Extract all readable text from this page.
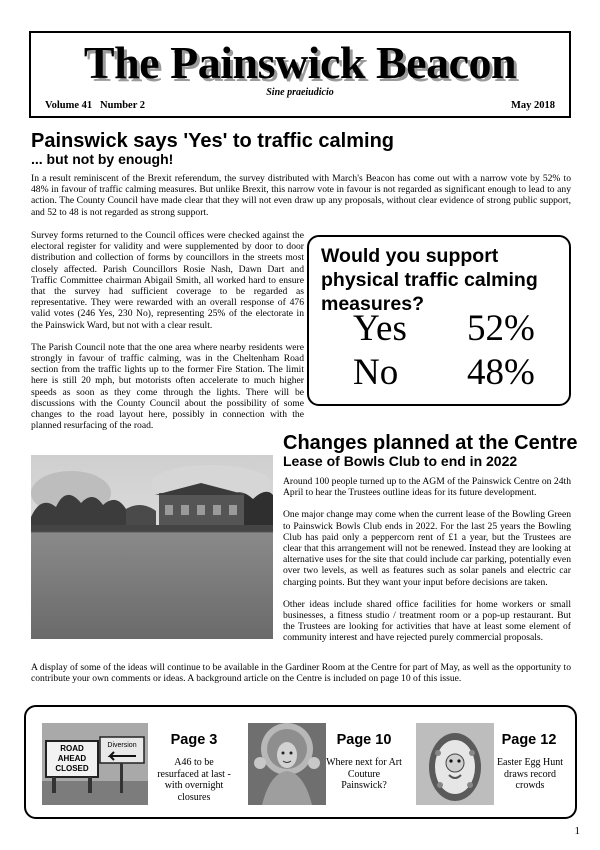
The Painswick Beacon
Sine praeiudicio
Volume 41   Number 2	May 2018
Painswick says 'Yes' to traffic calming
... but not by enough!
In a result reminiscent of the Brexit referendum, the survey distributed with March's Beacon has come out with a narrow vote by 52% to 48% in favour of traffic calming measures. But unlike Brexit, this narrow vote in favour is not regarded as significant enough to lead to any action. The County Council have made clear that they will not even draw up any proposals, without clear evidence of strong public support, and 52 to 48 is not regarded as strong support.

Survey forms returned to the Council offices were checked against the electoral register for validity and were supplemented by door to door distribution and collection of forms by councillors in the streets most closely affected. Parish Councillors Rosie Nash, Dawn Dart and Traffic Committee chairman Abigail Smith, all worked hard to ensure that the survey had sufficient coverage to be regarded as representative. They were rewarded with an overall response of 476 valid votes (246 Yes, 230 No), representing 25% of the electorate in the Painswick Ward, but not with a clear result.

The Parish Council note that the one area where nearby residents were strongly in favour of traffic calming, was in the Cheltenham Road section from the traffic lights up to the former Fire Station. The limit here is still 20 mph, but motorists often accelerate to much higher speeds as soon as they come through the lights. There will be discussions with the County Council about the possibility of some changes to the road layout here, possibly in connection with the planned resurfacing of the road.

Would you support physical traffic calming measures?
Yes 52%
No 48%
Changes planned at the Centre
Lease of Bowls Club to end in 2022

Around 100 people turned up to the AGM of the Painswick Centre on 24th April to hear the Trustees outline ideas for its future development.

One major change may come when the current lease of the Bowling Green to Painswick Bowls Club ends in 2022. For the last 25 years the Bowling Club has paid only a peppercorn rent of £1 a year, but the Trustees are clear that this arrangement will not be renewed. Instead they are looking at alternative uses for the site that could include car parking, potentially even over two levels, as well as features such as solar panels and electric car charging points. But they want your input before decisions are taken.

Other ideas include shared office facilities for home workers or small businesses, a fitness studio / treatment room or a pop-up restaurant. But the Trustees are looking for activities that have at least some element of community interest and have rejected purely commercial proposals.

A display of some of the ideas will continue to be available in the Gardiner Room at the Centre for part of May, as well as the opportunity to contribute your own comments or ideas. A background article on the Centre is included on page 10 of this issue.
ROAD
AHEAD
CLOSED
Diversion	Page 3
A46 to be resurfaced at last - with overnight closures
Page 10
Where next for Art Couture Painswick?
Page 12
Easter Egg Hunt draws record crowds
1
